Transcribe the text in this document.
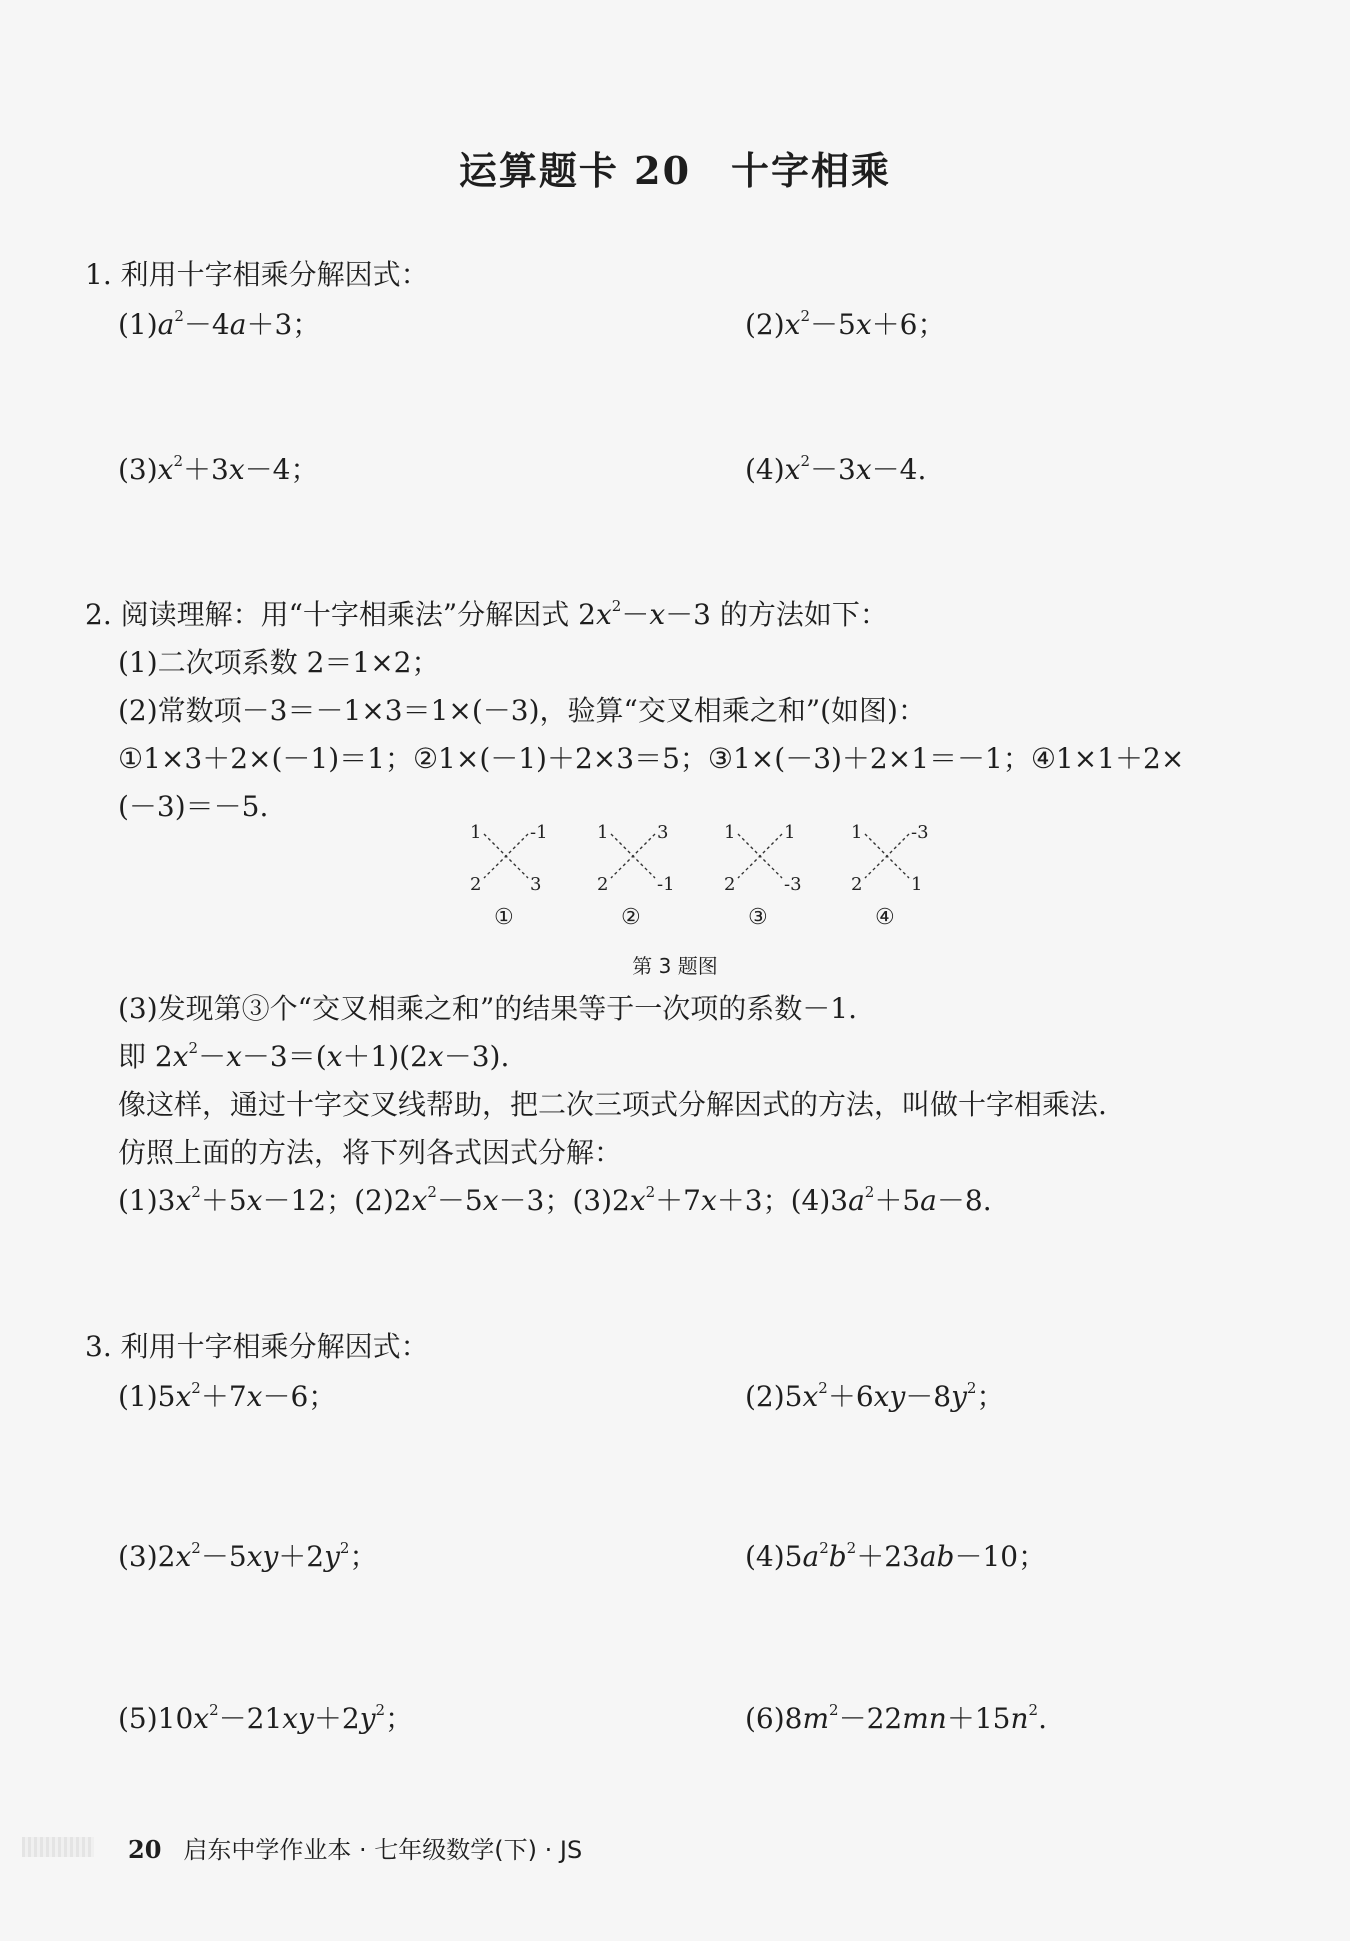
运算题卡 20 十字相乘
1. 利用十字相乘分解因式：
$(1)a^2-4a+3$；	$(2)x^2-5x+6$；
$(3)x^2+3x-4$；	$(4)x^2-3x-4$.
2. 阅读理解：用“十字相乘法”分解因式 $2x^2-x-3$ 的方法如下：
(1)二次项系数 2＝1×2；
(2)常数项－3＝－1×3＝1×(－3)，验算“交叉相乘之和”(如图)：
①1×3＋2×(－1)＝1；②1×(－1)＋2×3＝5；③1×(－3)＋2×1＝－1；④1×1＋2×
(－3)＝－5.
1	-1
2	3
①
1	3
2	-1
②
1	1
2	-3
③
1	-3
2	1
④
第 3 题图
(3)发现第③个“交叉相乘之和”的结果等于一次项的系数－1.
即 $2x^2-x-3=(x+1)(2x-3)$.
像这样，通过十字交叉线帮助，把二次三项式分解因式的方法，叫做十字相乘法.
仿照上面的方法，将下列各式因式分解：
$(1)3x^2+5x-12$；$(2)2x^2-5x-3$；$(3)2x^2+7x+3$；$(4)3a^2+5a-8$.
3. 利用十字相乘分解因式：
$(1)5x^2+7x-6$；	$(2)5x^2+6xy-8y^2$；
$(3)2x^2-5xy+2y^2$；	$(4)5a^2b^2+23ab-10$；
$(5)10x^2-21xy+2y^2$；	$(6)8m^2-22mn+15n^2$.
20 启东中学作业本 · 七年级数学(下) · JS
